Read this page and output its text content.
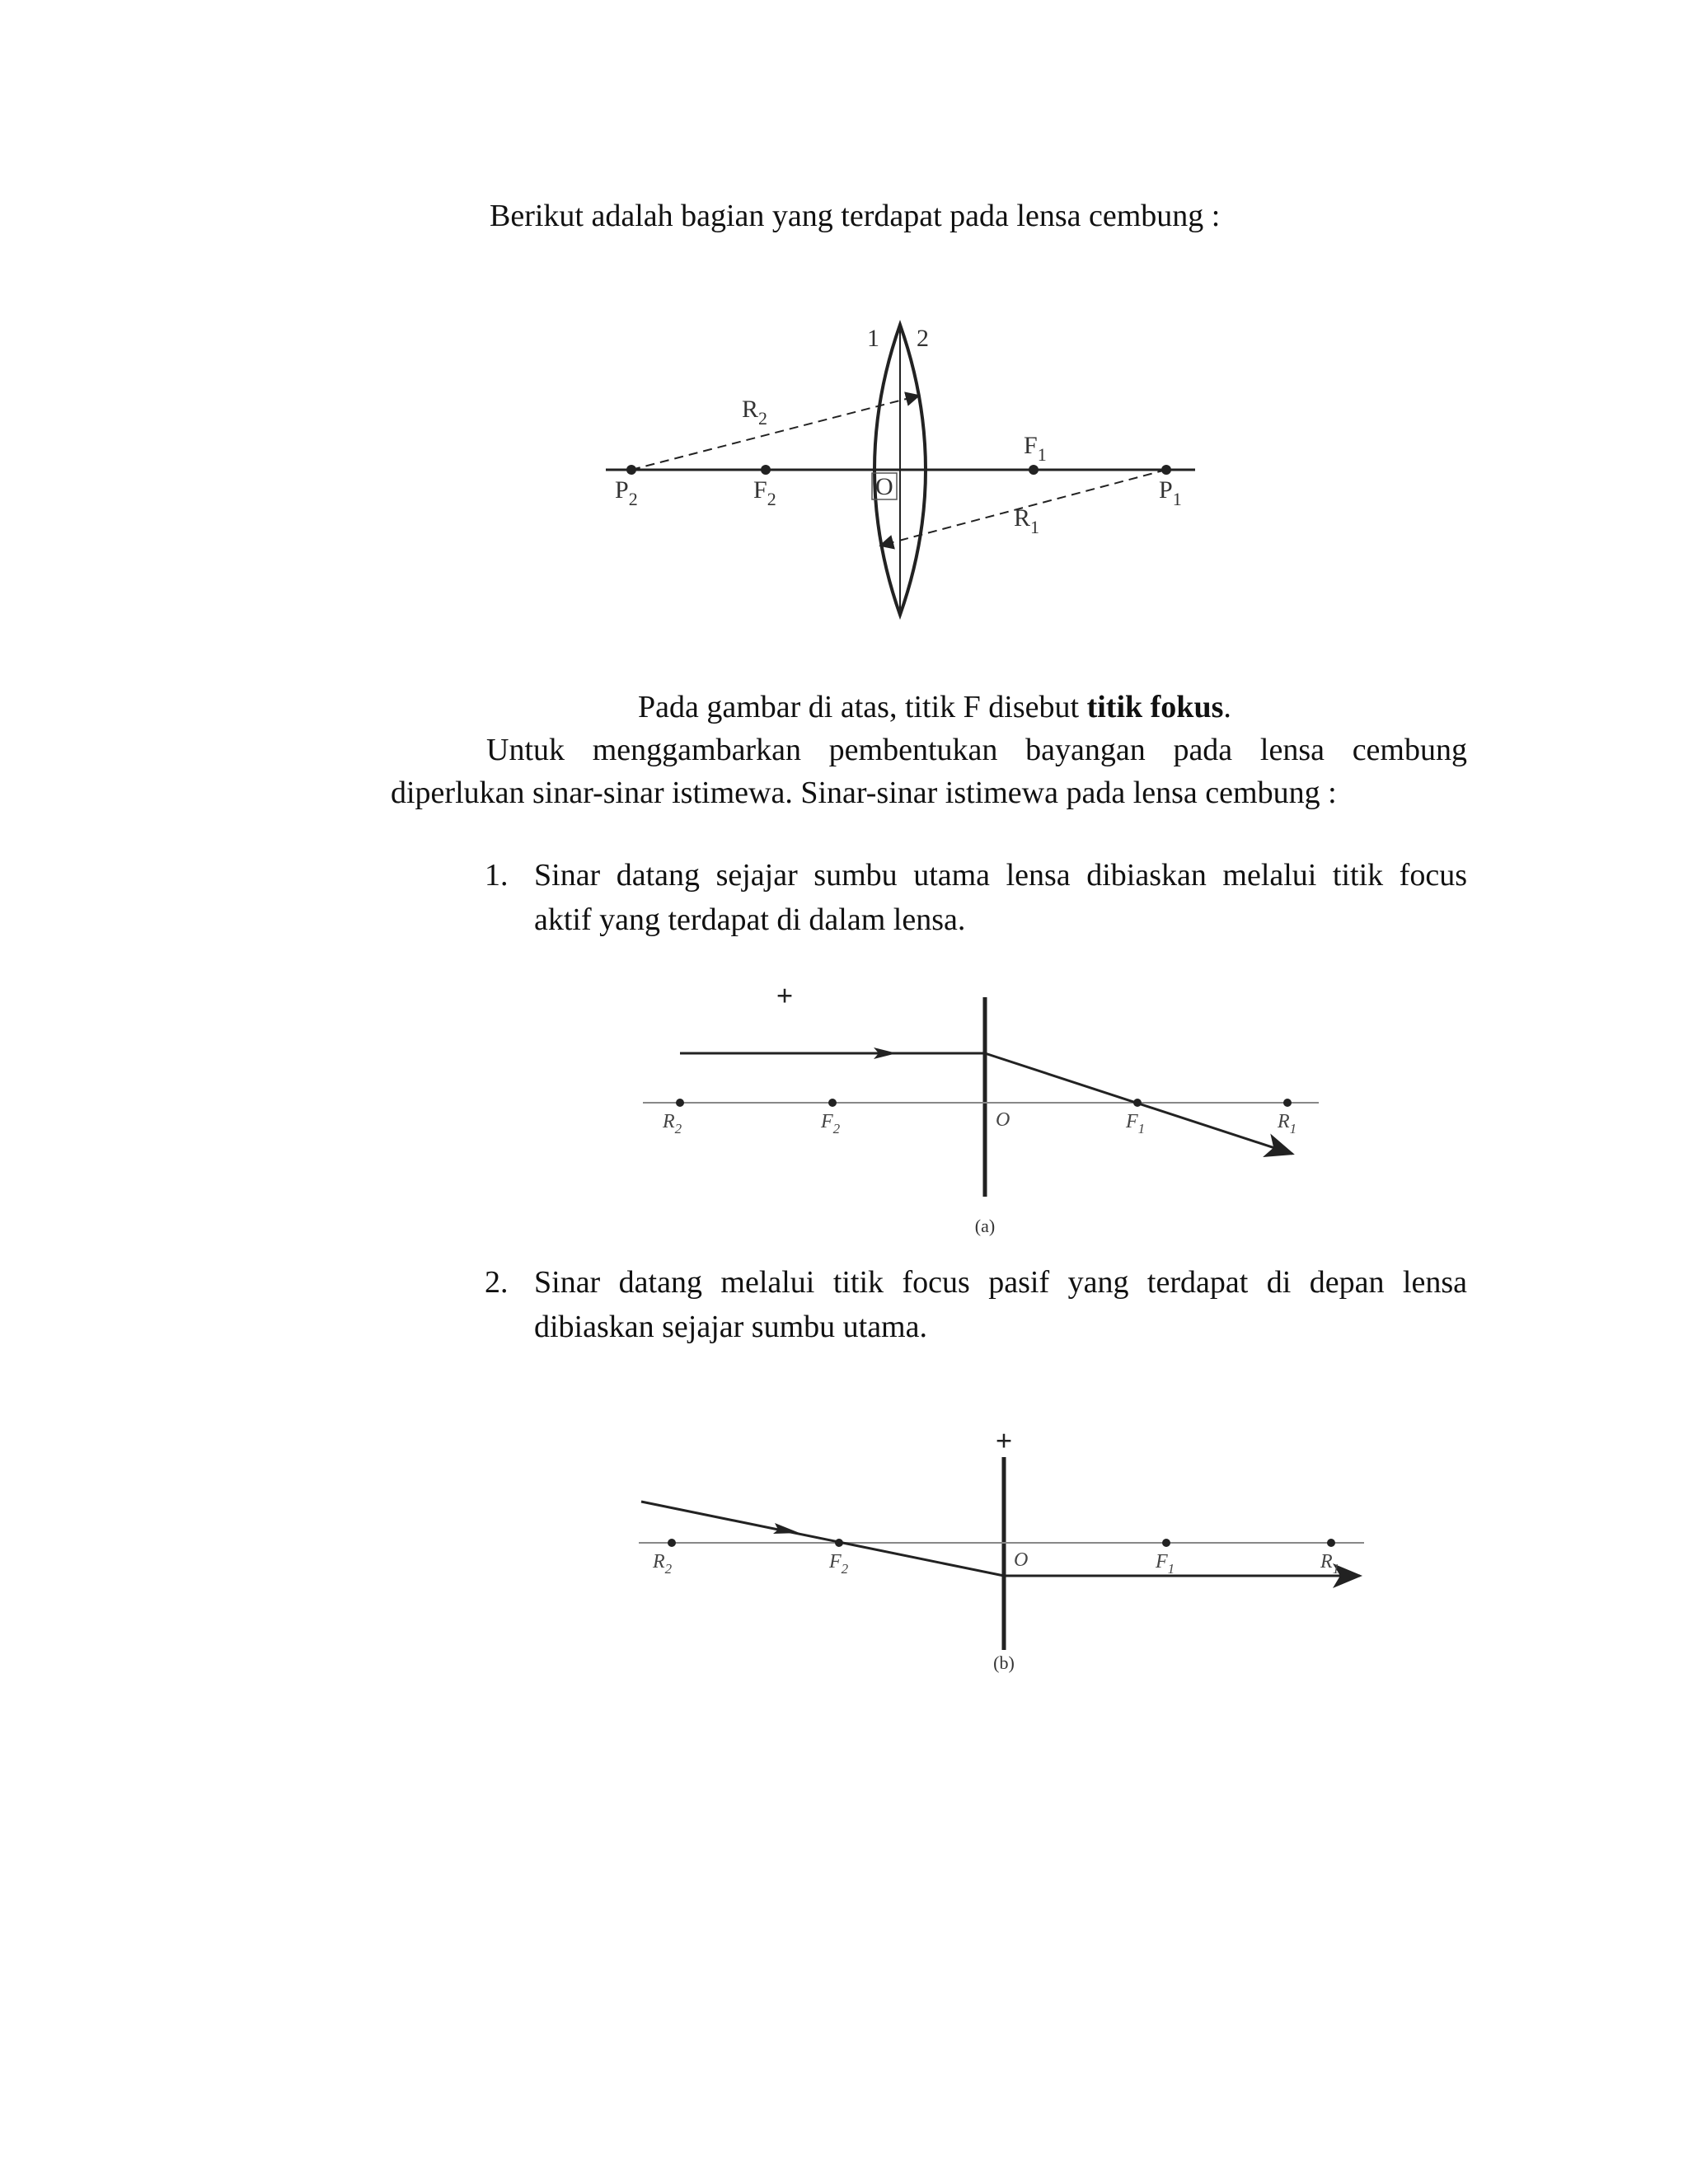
Berikut adalah bagian yang terdapat pada lensa cembung :
1 2
R2
F1
P2	F2	O	P1
R1
Pada gambar di atas, titik F disebut titik fokus.
Untuk menggambarkan pembentukan bayangan pada lensa cembung
diperlukan sinar-sinar istimewa. Sinar-sinar istimewa pada lensa cembung :
1. Sinar datang sejajar sumbu utama lensa dibiaskan melalui titik focus
aktif yang terdapat di dalam lensa.
+
R2	F2	O	F1	R1
(a)
2. Sinar datang melalui titik focus pasif yang terdapat di depan lensa
dibiaskan sejajar sumbu utama.
+
R2	F2	O	F1	R1
(b)
